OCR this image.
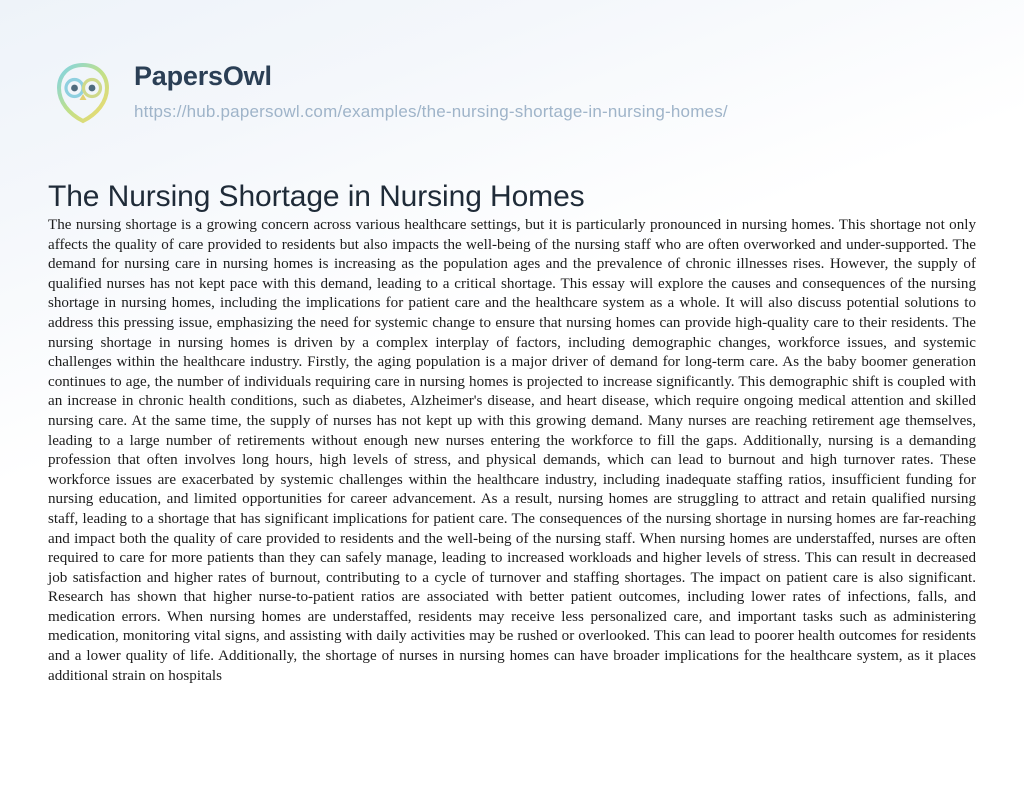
PapersOwl
https://hub.papersowl.com/examples/the-nursing-shortage-in-nursing-homes/
The Nursing Shortage in Nursing Homes
The nursing shortage is a growing concern across various healthcare settings, but it is particularly pronounced in nursing homes. This shortage not only affects the quality of care provided to residents but also impacts the well-being of the nursing staff who are often overworked and under-supported. The demand for nursing care in nursing homes is increasing as the population ages and the prevalence of chronic illnesses rises. However, the supply of qualified nurses has not kept pace with this demand, leading to a critical shortage. This essay will explore the causes and consequences of the nursing shortage in nursing homes, including the implications for patient care and the healthcare system as a whole. It will also discuss potential solutions to address this pressing issue, emphasizing the need for systemic change to ensure that nursing homes can provide high-quality care to their residents. The nursing shortage in nursing homes is driven by a complex interplay of factors, including demographic changes, workforce issues, and systemic challenges within the healthcare industry. Firstly, the aging population is a major driver of demand for long-term care. As the baby boomer generation continues to age, the number of individuals requiring care in nursing homes is projected to increase significantly. This demographic shift is coupled with an increase in chronic health conditions, such as diabetes, Alzheimer's disease, and heart disease, which require ongoing medical attention and skilled nursing care. At the same time, the supply of nurses has not kept up with this growing demand. Many nurses are reaching retirement age themselves, leading to a large number of retirements without enough new nurses entering the workforce to fill the gaps. Additionally, nursing is a demanding profession that often involves long hours, high levels of stress, and physical demands, which can lead to burnout and high turnover rates. These workforce issues are exacerbated by systemic challenges within the healthcare industry, including inadequate staffing ratios, insufficient funding for nursing education, and limited opportunities for career advancement. As a result, nursing homes are struggling to attract and retain qualified nursing staff, leading to a shortage that has significant implications for patient care. The consequences of the nursing shortage in nursing homes are far-reaching and impact both the quality of care provided to residents and the well-being of the nursing staff. When nursing homes are understaffed, nurses are often required to care for more patients than they can safely manage, leading to increased workloads and higher levels of stress. This can result in decreased job satisfaction and higher rates of burnout, contributing to a cycle of turnover and staffing shortages. The impact on patient care is also significant. Research has shown that higher nurse-to-patient ratios are associated with better patient outcomes, including lower rates of infections, falls, and medication errors. When nursing homes are understaffed, residents may receive less personalized care, and important tasks such as administering medication, monitoring vital signs, and assisting with daily activities may be rushed or overlooked. This can lead to poorer health outcomes for residents and a lower quality of life. Additionally, the shortage of nurses in nursing homes can have broader implications for the healthcare system, as it places additional strain on hospitals
